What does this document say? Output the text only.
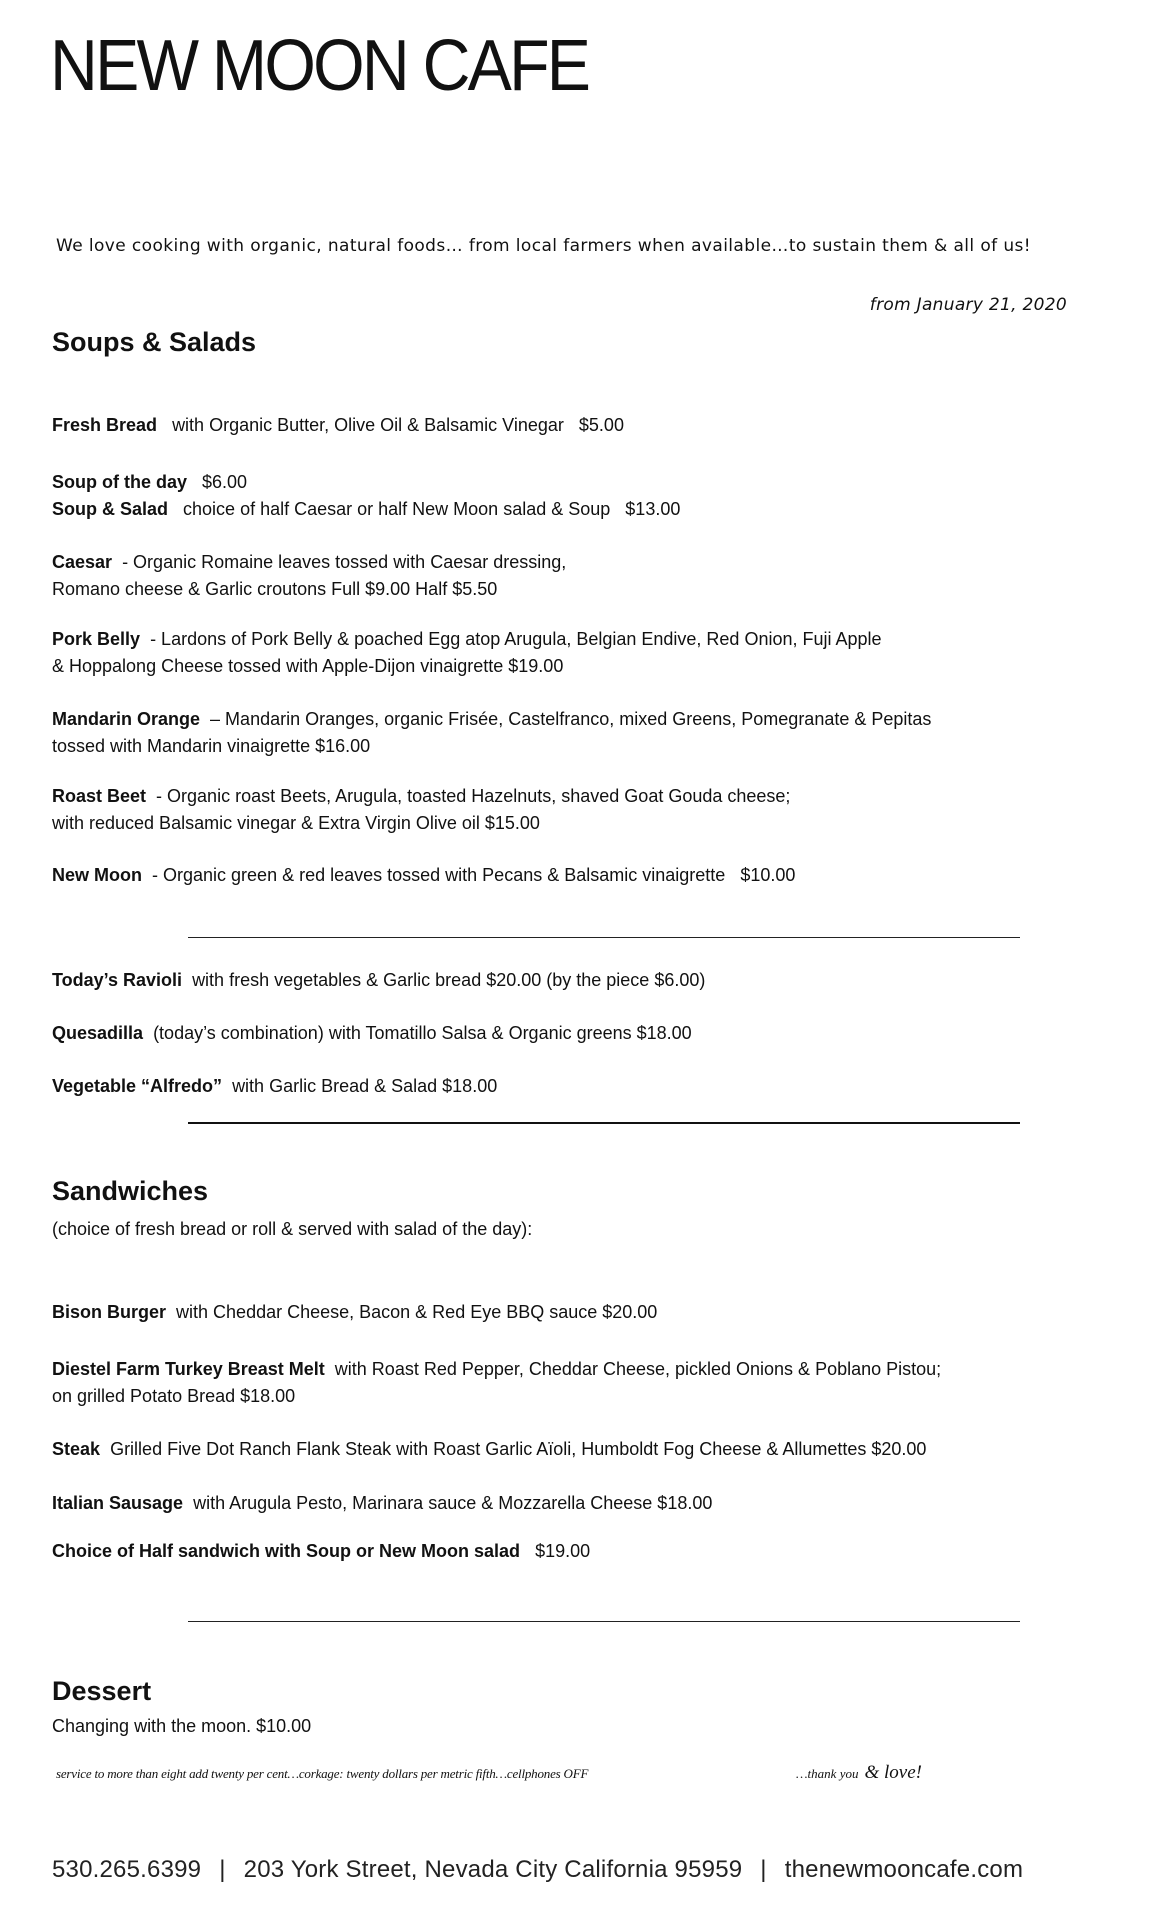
NEW MOON CAFE
We love cooking with organic, natural foods… from local farmers when available…to sustain them & all of us!
from January 21, 2020
Soups & Salads
Fresh Bread with Organic Butter, Olive Oil & Balsamic Vinegar $5.00
Soup of the day $6.00
Soup & Salad choice of half Caesar or half New Moon salad & Soup $13.00
Caesar - Organic Romaine leaves tossed with Caesar dressing,
Romano cheese & Garlic croutons Full $9.00 Half $5.50
Pork Belly - Lardons of Pork Belly & poached Egg atop Arugula, Belgian Endive, Red Onion, Fuji Apple
& Hoppalong Cheese tossed with Apple-Dijon vinaigrette $19.00
Mandarin Orange – Mandarin Oranges, organic Frisée, Castelfranco, mixed Greens, Pomegranate & Pepitas
tossed with Mandarin vinaigrette $16.00
Roast Beet - Organic roast Beets, Arugula, toasted Hazelnuts, shaved Goat Gouda cheese;
with reduced Balsamic vinegar & Extra Virgin Olive oil $15.00
New Moon - Organic green & red leaves tossed with Pecans & Balsamic vinaigrette $10.00
Today’s Ravioli with fresh vegetables & Garlic bread $20.00 (by the piece $6.00)
Quesadilla (today’s combination) with Tomatillo Salsa & Organic greens $18.00
Vegetable “Alfredo” with Garlic Bread & Salad $18.00
Sandwiches
(choice of fresh bread or roll & served with salad of the day):
Bison Burger with Cheddar Cheese, Bacon & Red Eye BBQ sauce $20.00
Diestel Farm Turkey Breast Melt with Roast Red Pepper, Cheddar Cheese, pickled Onions & Poblano Pistou;
on grilled Potato Bread $18.00
Steak Grilled Five Dot Ranch Flank Steak with Roast Garlic Aïoli, Humboldt Fog Cheese & Allumettes $20.00
Italian Sausage with Arugula Pesto, Marinara sauce & Mozzarella Cheese $18.00
Choice of Half sandwich with Soup or New Moon salad $19.00
Dessert
Changing with the moon. $10.00
service to more than eight add twenty per cent…corkage: twenty dollars per metric fifth…cellphones OFF	…thank you & love!
530.265.6399 | 203 York Street, Nevada City California 95959 | thenewmooncafe.com
